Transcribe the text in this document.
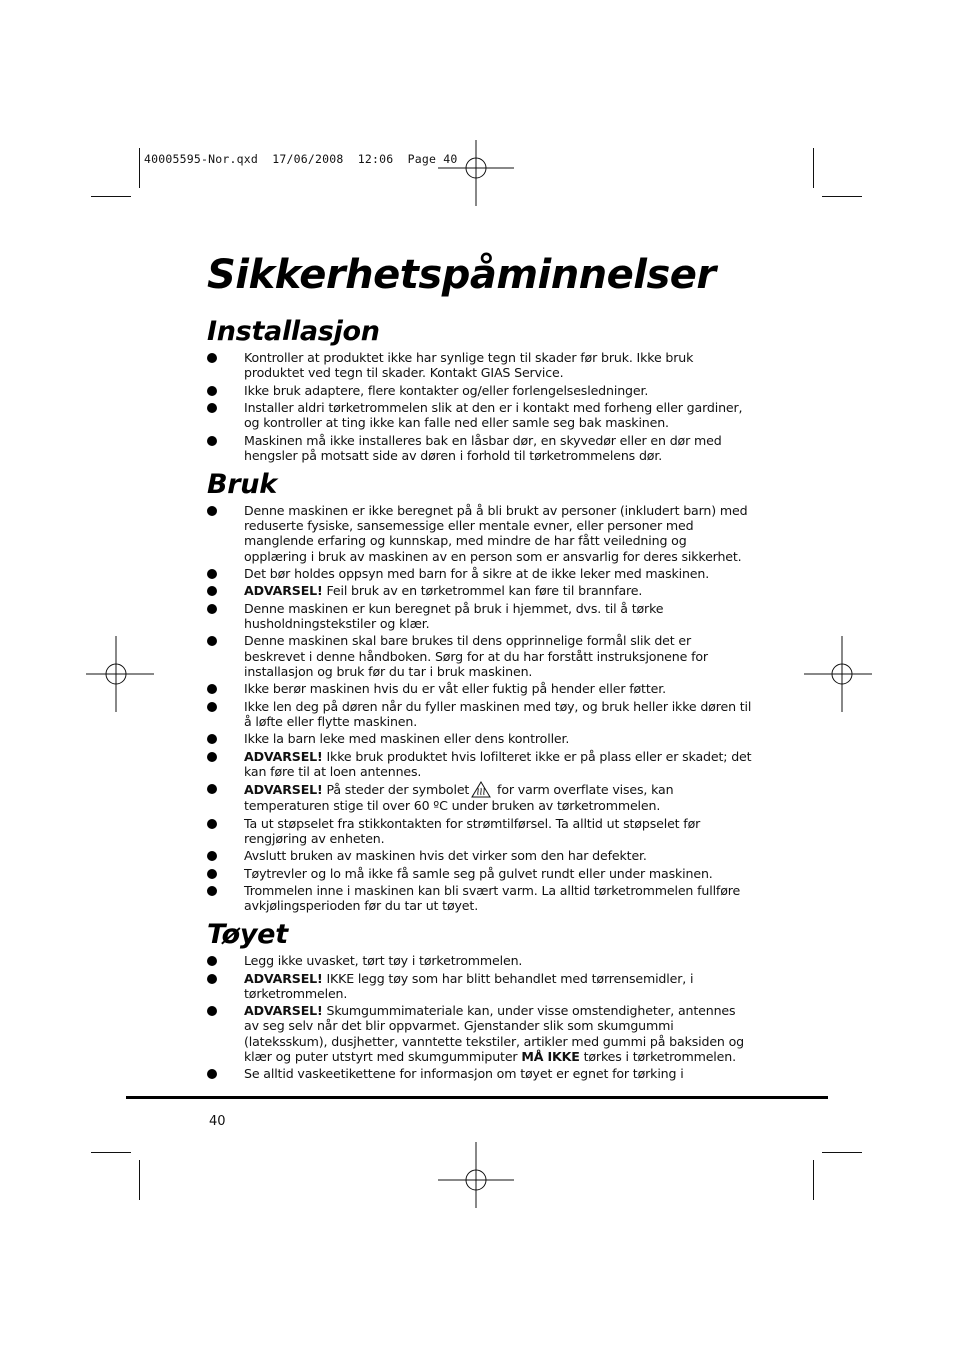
40005595-Nor.qxd  17/06/2008  12:06  Page 40
Sikkerhetspåminnelser
Installasjon
Kontroller at produktet ikke har synlige tegn til skader før bruk. Ikke bruk produktet ved tegn til skader. Kontakt GIAS Service.
Ikke bruk adaptere, flere kontakter og/eller forlengelsesledninger.
Installer aldri tørketrommelen slik at den er i kontakt med forheng eller gardiner, og kontroller at ting ikke kan falle ned eller samle seg bak maskinen.
Maskinen må ikke installeres bak en låsbar dør, en skyvedør eller en dør med hengsler på motsatt side av døren i forhold til tørketrommelens dør.
Bruk
Denne maskinen er ikke beregnet på å bli brukt av personer (inkludert barn) med reduserte fysiske, sansemessige eller mentale evner, eller personer med manglende erfaring og kunnskap, med mindre de har fått veiledning og opplæring i bruk av maskinen av en person som er ansvarlig for deres sikkerhet.
Det bør holdes oppsyn med barn for å sikre at de ikke leker med maskinen.
ADVARSEL! Feil bruk av en tørketrommel kan føre til brannfare.
Denne maskinen er kun beregnet på bruk i hjemmet, dvs. til å tørke husholdningstekstiler og klær.
Denne maskinen skal bare brukes til dens opprinnelige formål slik det er beskrevet i denne håndboken. Sørg for at du har forstått instruksjonene for installasjon og bruk før du tar i bruk maskinen.
Ikke berør maskinen hvis du er våt eller fuktig på hender eller føtter.
Ikke len deg på døren når du fyller maskinen med tøy, og bruk heller ikke døren til å løfte eller flytte maskinen.
Ikke la barn leke med maskinen eller dens kontroller.
ADVARSEL! Ikke bruk produktet hvis lofilteret ikke er på plass eller er skadet; det kan føre til at loen antennes.
ADVARSEL! På steder der symbolet for varm overflate vises, kan temperaturen stige til over 60 ºC under bruken av tørketrommelen.
Ta ut støpselet fra stikkontakten for strømtilførsel. Ta alltid ut støpselet før rengjøring av enheten.
Avslutt bruken av maskinen hvis det virker som den har defekter.
Tøytrevler og lo må ikke få samle seg på gulvet rundt eller under maskinen.
Trommelen inne i maskinen kan bli svært varm. La alltid tørketrommelen fullføre avkjølingsperioden før du tar ut tøyet.
Tøyet
Legg ikke uvasket, tørt tøy i tørketrommelen.
ADVARSEL! IKKE legg tøy som har blitt behandlet med tørrensemidler, i tørketrommelen.
ADVARSEL! Skumgummimateriale kan, under visse omstendigheter, antennes av seg selv når det blir oppvarmet. Gjenstander slik som skumgummi (lateksskum), dusjhetter, vanntette tekstiler, artikler med gummi på baksiden og klær og puter utstyrt med skumgummiputer MÅ IKKE tørkes i tørketrommelen.
Se alltid vaskeetikettene for informasjon om tøyet er egnet for tørking i
40
